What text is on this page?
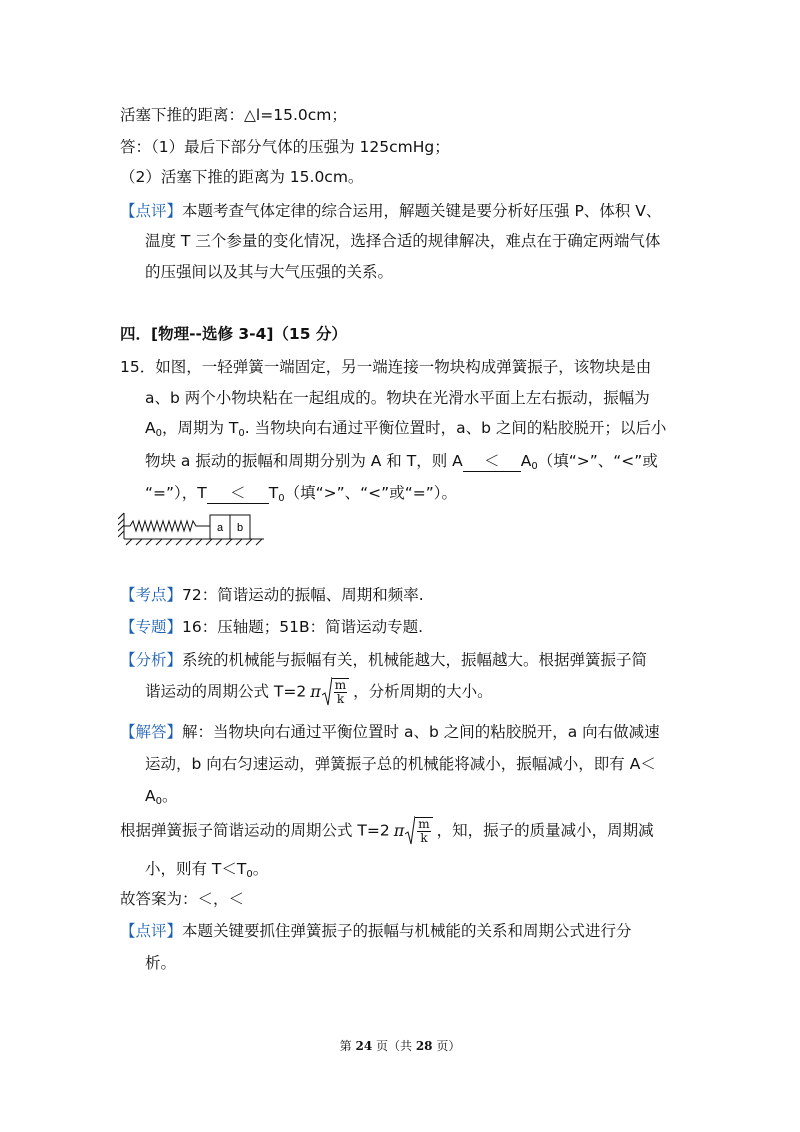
活塞下推的距离：△l=15.0cm；
答：（1）最后下部分气体的压强为 125cmHg；
（2）活塞下推的距离为 15.0cm。
【点评】本题考查气体定律的综合运用，解题关键是要分析好压强 P、体积 V、
温度 T 三个参量的变化情况，选择合适的规律解决，难点在于确定两端气体
的压强间以及其与大气压强的关系。
四．[物理--选修 3-4]（15 分）
15．如图，一轻弹簧一端固定，另一端连接一物块构成弹簧振子，该物块是由
a、b 两个小物块粘在一起组成的。物块在光滑水平面上左右振动，振幅为
$A_0$，周期为 $T_0$. 当物块向右通过平衡位置时，a、b 之间的粘胶脱开；以后小
物块 a 振动的振幅和周期分别为 A 和 T，则 $A < A_0$（填“>”、“<”或
“=”），$T < T_0$（填“>”、“<”或“=”）。
a b
【考点】72：简谐运动的振幅、周期和频率.
【专题】16：压轴题；51B：简谐运动专题.
【分析】系统的机械能与振幅有关，机械能越大，振幅越大。根据弹簧振子简
谐运动的周期公式 T=2 π m
k ，分析周期的大小。
【解答】解：当物块向右通过平衡位置时 a、b 之间的粘胶脱开，a 向右做减速
运动，b 向右匀速运动，弹簧振子总的机械能将减小，振幅减小，即有 A＜
$A_0$。
根据弹簧振子简谐运动的周期公式 T=2 π m
k ，知，振子的质量减小，周期减
小，则有 $T<T_0$。
故答案为：＜，＜
【点评】本题关键要抓住弹簧振子的振幅与机械能的关系和周期公式进行分
析。
第 24 页（共 28 页）
